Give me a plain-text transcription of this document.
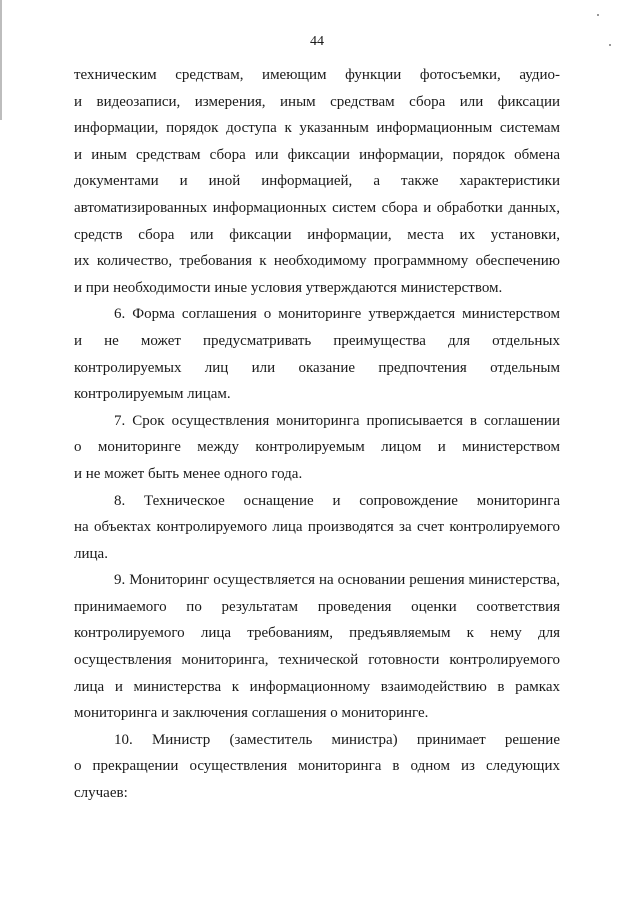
44
техническим средствам, имеющим функции фотосъемки, аудио-
и видеозаписи, измерения, иным средствам сбора или фиксации
информации, порядок доступа к указанным информационным системам
и иным средствам сбора или фиксации информации, порядок обмена
документами и иной информацией, а также характеристики
автоматизированных информационных систем сбора и обработки данных,
средств сбора или фиксации информации, места их установки,
их количество, требования к необходимому программному обеспечению
и при необходимости иные условия утверждаются министерством.
6. Форма соглашения о мониторинге утверждается министерством
и не может предусматривать преимущества для отдельных
контролируемых лиц или оказание предпочтения отдельным
контролируемым лицам.
7. Срок осуществления мониторинга прописывается в соглашении
о мониторинге между контролируемым лицом и министерством
и не может быть менее одного года.
8. Техническое оснащение и сопровождение мониторинга
на объектах контролируемого лица производятся за счет контролируемого
лица.
9. Мониторинг осуществляется на основании решения министерства,
принимаемого по результатам проведения оценки соответствия
контролируемого лица требованиям, предъявляемым к нему для
осуществления мониторинга, технической готовности контролируемого
лица и министерства к информационному взаимодействию в рамках
мониторинга и заключения соглашения о мониторинге.
10. Министр (заместитель министра) принимает решение
о прекращении осуществления мониторинга в одном из следующих
случаев:
